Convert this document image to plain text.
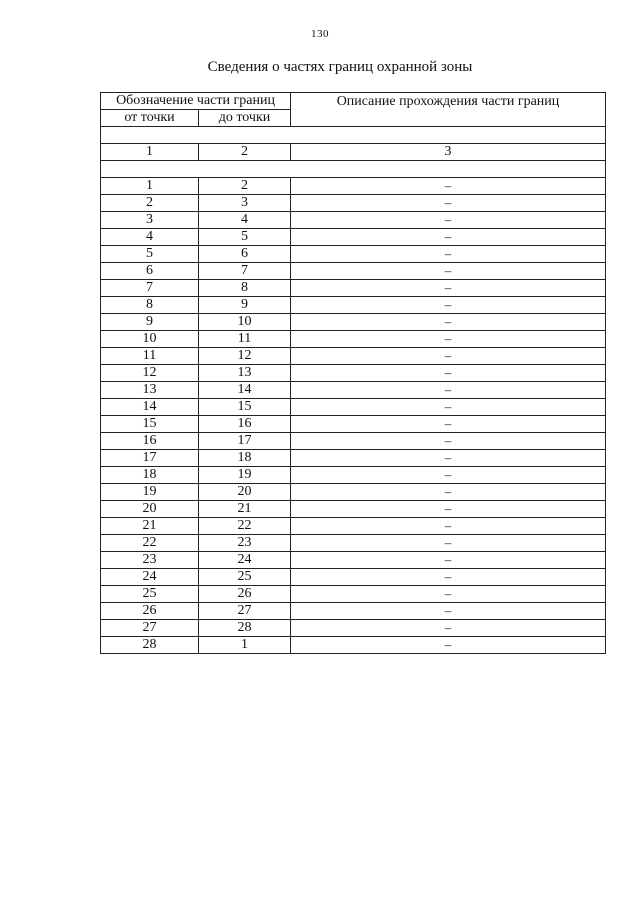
130
Сведения о частях границ охранной зоны
Обозначение части границ		Описание прохождения части границ
от точки	до точки	

1	2	3

1	2	–
2	3	–
3	4	–
4	5	–
5	6	–
6	7	–
7	8	–
8	9	–
9	10	–
10	11	–
11	12	–
12	13	–
13	14	–
14	15	–
15	16	–
16	17	–
17	18	–
18	19	–
19	20	–
20	21	–
21	22	–
22	23	–
23	24	–
24	25	–
25	26	–
26	27	–
27	28	–
28	1	–
